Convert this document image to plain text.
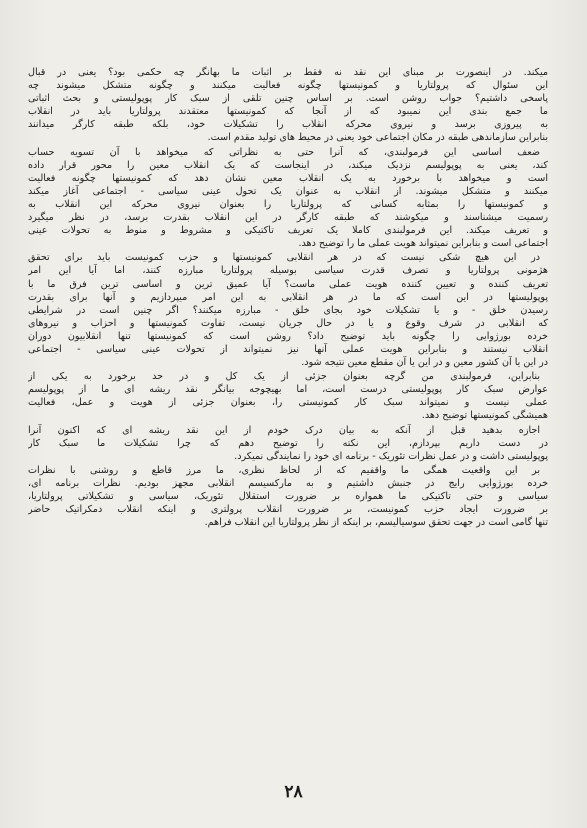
میکند. در اینصورت بر مبنای این نقد نه فقط بر اثبات ما بهانگر چه حکمی بود؟ یعنی در قبال
این سئوال که پرولتاریا و کمونیستها چگونه فعالیت میکنند و چگونه متشکل میشوند چه
پاسخی داشتیم؟ جواب روشن است. بر اساس چنین تلقی از سبک کار پوپولیستی و بحث اثباتی
ما جمع بندی این نمیبود که از آنجا که کمونیستها معتقدند پرولتاریا باید در انقلاب
به پیروزی برسد و نیروی محرکه انقلاب را تشکیلات خود، بلکه طبقه کارگر میدانند
بنابراین سازماندهی طبقه در مکان اجتماعی خود یعنی در محیط های تولید مقدم است.
ضعف اساسی این فرمولبندی، که آنرا حتی به نظراتی که میخواهد با آن تسویه حساب
کند، یعنی به پوپولیسم نزدیک میکند، در اینجاست که یک انقلاب معین را محور قرار داده
است و میخواهد با برخورد به یک انقلاب معین نشان دهد که کمونیستها چگونه فعالیت
میکنند و متشکل میشوند. از انقلاب به عنوان یک تحول عینی سیاسی - اجتماعی آغاز میکند
و کمونیستها را بمثابه کسانی که پرولتاریا را بعنوان نیروی محرکه این انقلاب به
رسمیت میشناسند و میکوشند که طبقه کارگر در این انقلاب بقدرت برسد، در نظر میگیرد
و تعریف میکند. این فرمولبندی کاملا یک تعریف تاکتیکی و مشروط و منوط به تحولات عینی
اجتماعی است و بنابراین نمیتواند هویت عملی ما را توضیح دهد.
در این هیچ شکی نیست که در هر انقلابی کمونیستها و حزب کمونیست باید برای تحقق
هژمونی پرولتاریا و تصرف قدرت سیاسی بوسیله پرولتاریا مبارزه کنند، اما آیا این امر
تعریف کننده و تعیین کننده هویت عملی ماست؟ آیا عمیق ترین و اساسی ترین فرق ما با
پوپولیستها در این است که ما در هر انقلابی به این امر میپردازیم و آنها برای بقدرت
رسیدن خلق - و یا تشکیلات خود بجای خلق - مبارزه میکنند؟ اگر چنین است در شرایطی
که انقلابی در شرف وقوع و یا در حال جریان نیست، تفاوت کمونیستها و احزاب و نیروهای
خرده بورژوایی را چگونه باید توضیح داد؟ روشن است که کمونیستها تنها انقلابیون دوران
انقلاب نیستند و بنابراین هویت عملی آنها نیز نمیتواند از تحولات عینی سیاسی - اجتماعی
در این یا آن کشور معین و در این یا آن مقطع معین نتیجه شود.
بنابراین، فرمولبندی من گرچه بعنوان جزئی از یک کل و در حد برخورد به یکی از
عوارض سبک کار پوپولیستی درست است، اما بهیچوجه بیانگر نقد ریشه ای ما از پوپولیسم
عملی نیست و نمیتواند سبک کار کمونیستی را، بعنوان جزئی از هویت و عمل، فعالیت
همیشگی کمونیستها توضیح دهد.
اجازه بدهید قبل از آنکه به بیان درک خودم از این نقد ریشه ای که اکنون آنرا
در دست داریم بپردازم، این نکته را توضیح دهم که چرا تشکیلات ما سبک کار
پوپولیستی داشت و در عمل نظرات تئوریک - برنامه ای خود را نمایندگی نمیکرد.
بر این واقعیت همگی ما واقفیم که از لحاظ نظری، ما مرز قاطع و روشنی با نظرات
خرده بورژوایی رایج در جنبش داشتیم و به مارکسیسم انقلابی مجهز بودیم. نظرات برنامه ای،
سیاسی و حتی تاکتیکی ما همواره بر ضرورت استقلال تئوریک، سیاسی و تشکیلاتی پرولتاریا،
بر ضرورت ایجاد حزب کمونیست، بر ضرورت انقلاب پرولتری و اینکه انقلاب دمکراتیک حاضر
تنها گامی است در جهت تحقق سوسیالیسم، بر اینکه از نظر پرولتاریا این انقلاب فراهم.
۲۸
